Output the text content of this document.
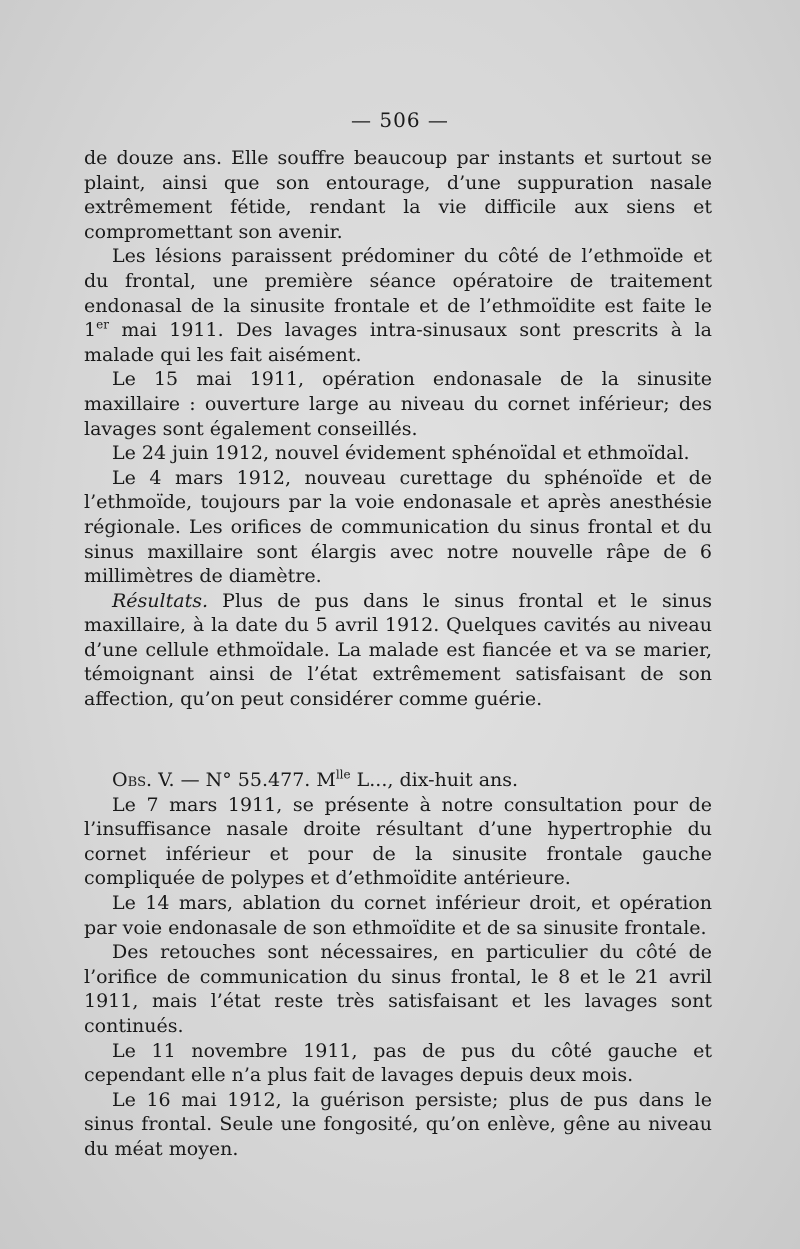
— 506 —

de douze ans. Elle souffre beaucoup par instants et surtout se plaint, ainsi que son entourage, d’une suppuration nasale extrêmement fétide, rendant la vie difficile aux siens et compromettant son avenir.

Les lésions paraissent prédominer du côté de l’ethmoïde et du frontal, une première séance opératoire de traitement endonasal de la sinusite frontale et de l’ethmoïdite est faite le 1er mai 1911. Des lavages intra-sinusaux sont prescrits à la malade qui les fait aisément.

Le 15 mai 1911, opération endonasale de la sinusite maxillaire : ouverture large au niveau du cornet inférieur; des lavages sont également conseillés.

Le 24 juin 1912, nouvel évidement sphénoïdal et ethmoïdal.

Le 4 mars 1912, nouveau curettage du sphénoïde et de l’ethmoïde, toujours par la voie endonasale et après anesthésie régionale. Les orifices de communication du sinus frontal et du sinus maxillaire sont élargis avec notre nouvelle râpe de 6 millimètres de diamètre.

Résultats. Plus de pus dans le sinus frontal et le sinus maxillaire, à la date du 5 avril 1912. Quelques cavités au niveau d’une cellule ethmoïdale. La malade est fiancée et va se marier, témoignant ainsi de l’état extrêmement satisfaisant de son affection, qu’on peut considérer comme guérie.

Obs. V. — N° 55.477. $M^{lle}$ L..., dix-huit ans.

Le 7 mars 1911, se présente à notre consultation pour de l’insuffisance nasale droite résultant d’une hypertrophie du cornet inférieur et pour de la sinusite frontale gauche compliquée de polypes et d’ethmoïdite antérieure.

Le 14 mars, ablation du cornet inférieur droit, et opération par voie endonasale de son ethmoïdite et de sa sinusite frontale.

Des retouches sont nécessaires, en particulier du côté de l’orifice de communication du sinus frontal, le 8 et le 21 avril 1911, mais l’état reste très satisfaisant et les lavages sont continués.

Le 11 novembre 1911, pas de pus du côté gauche et cependant elle n’a plus fait de lavages depuis deux mois.

Le 16 mai 1912, la guérison persiste; plus de pus dans le sinus frontal. Seule une fongosité, qu’on enlève, gêne au niveau du méat moyen.
